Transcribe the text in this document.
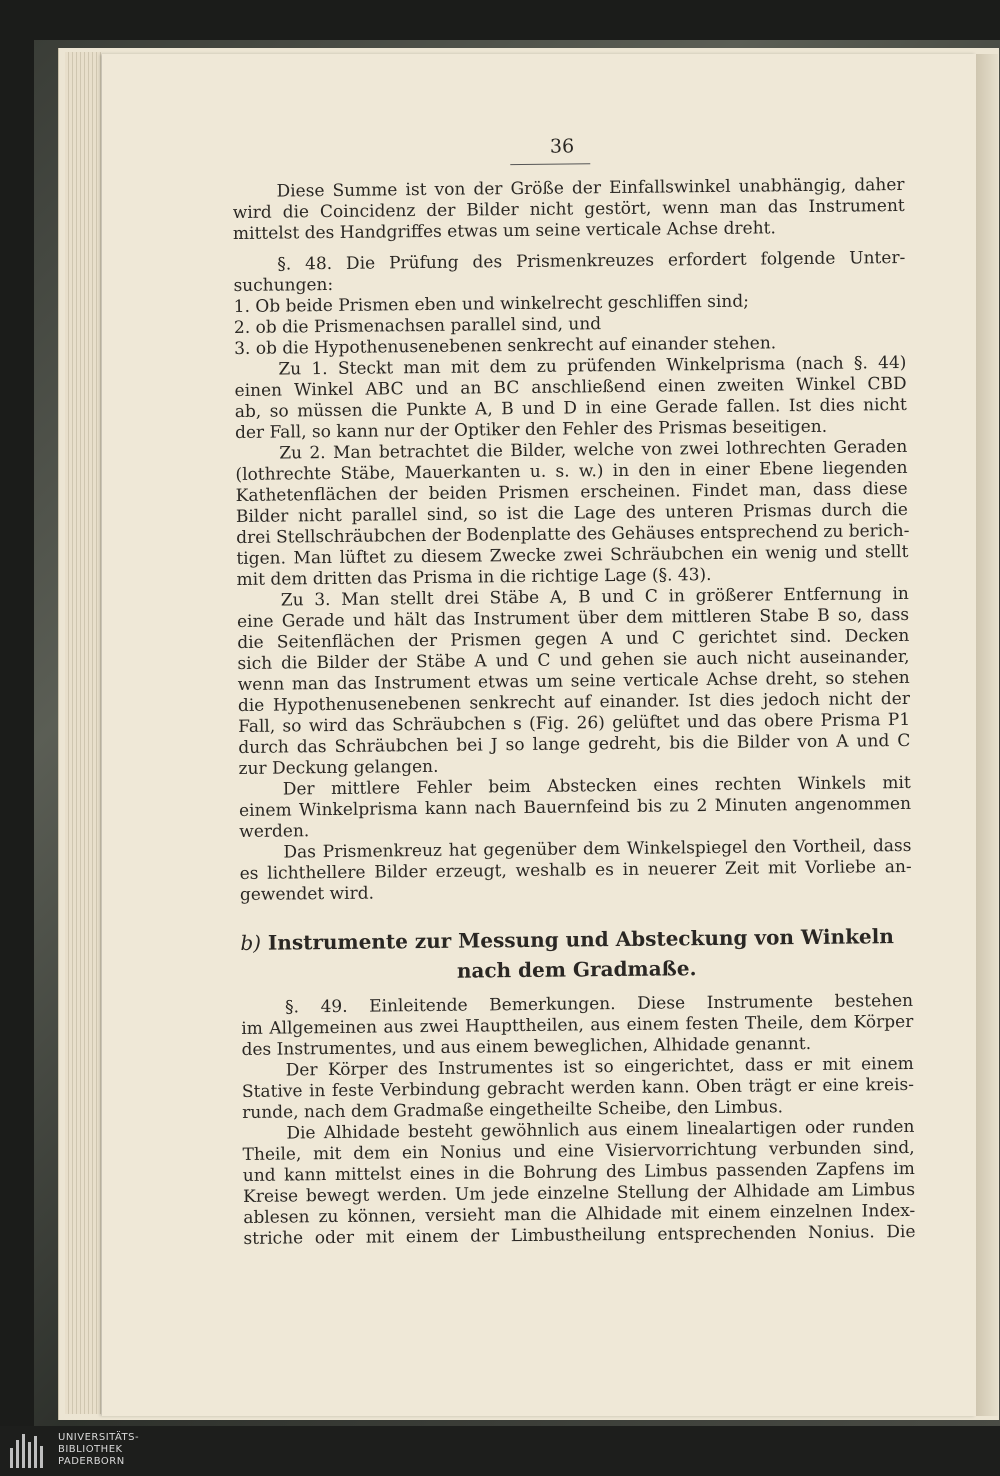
36
Diese Summe ist von der Größe der Einfallswinkel unabhängig, daher
wird die Coincidenz der Bilder nicht gestört, wenn man das Instrument
mittelst des Handgriffes etwas um seine verticale Achse dreht.
§. 48. Die Prüfung des Prismenkreuzes erfordert folgende Unter-
suchungen:
1. Ob beide Prismen eben und winkelrecht geschliffen sind;
2. ob die Prismenachsen parallel sind, und
3. ob die Hypothenusenebenen senkrecht auf einander stehen.
Zu 1. Steckt man mit dem zu prüfenden Winkelprisma (nach §. 44)
einen Winkel ABC und an BC anschließend einen zweiten Winkel CBD
ab, so müssen die Punkte A, B und D in eine Gerade fallen. Ist dies nicht
der Fall, so kann nur der Optiker den Fehler des Prismas beseitigen.
Zu 2. Man betrachtet die Bilder, welche von zwei lothrechten Geraden
(lothrechte Stäbe, Mauerkanten u. s. w.) in den in einer Ebene liegenden
Kathetenflächen der beiden Prismen erscheinen. Findet man, dass diese
Bilder nicht parallel sind, so ist die Lage des unteren Prismas durch die
drei Stellschräubchen der Bodenplatte des Gehäuses entsprechend zu berich-
tigen. Man lüftet zu diesem Zwecke zwei Schräubchen ein wenig und stellt
mit dem dritten das Prisma in die richtige Lage (§. 43).
Zu 3. Man stellt drei Stäbe A, B und C in größerer Entfernung in
eine Gerade und hält das Instrument über dem mittleren Stabe B so, dass
die Seitenflächen der Prismen gegen A und C gerichtet sind. Decken
sich die Bilder der Stäbe A und C und gehen sie auch nicht auseinander,
wenn man das Instrument etwas um seine verticale Achse dreht, so stehen
die Hypothenusenebenen senkrecht auf einander. Ist dies jedoch nicht der
Fall, so wird das Schräubchen s (Fig. 26) gelüftet und das obere Prisma P1
durch das Schräubchen bei J so lange gedreht, bis die Bilder von A und C
zur Deckung gelangen.
Der mittlere Fehler beim Abstecken eines rechten Winkels mit
einem Winkelprisma kann nach Bauernfeind bis zu 2 Minuten angenommen
werden.
Das Prismenkreuz hat gegenüber dem Winkelspiegel den Vortheil, dass
es lichthellere Bilder erzeugt, weshalb es in neuerer Zeit mit Vorliebe an-
gewendet wird.
b) Instrumente zur Messung und Absteckung von Winkeln
nach dem Gradmaße.
§. 49. Einleitende Bemerkungen. Diese Instrumente bestehen
im Allgemeinen aus zwei Haupttheilen, aus einem festen Theile, dem Körper
des Instrumentes, und aus einem beweglichen, Alhidade genannt.
Der Körper des Instrumentes ist so eingerichtet, dass er mit einem
Stative in feste Verbindung gebracht werden kann. Oben trägt er eine kreis-
runde, nach dem Gradmaße eingetheilte Scheibe, den Limbus.
Die Alhidade besteht gewöhnlich aus einem linealartigen oder runden
Theile, mit dem ein Nonius und eine Visiervorrichtung verbunden sind,
und kann mittelst eines in die Bohrung des Limbus passenden Zapfens im
Kreise bewegt werden. Um jede einzelne Stellung der Alhidade am Limbus
ablesen zu können, versieht man die Alhidade mit einem einzelnen Index-
striche oder mit einem der Limbustheilung entsprechenden Nonius. Die
UNIVERSITÄTS-
BIBLIOTHEK
PADERBORN
